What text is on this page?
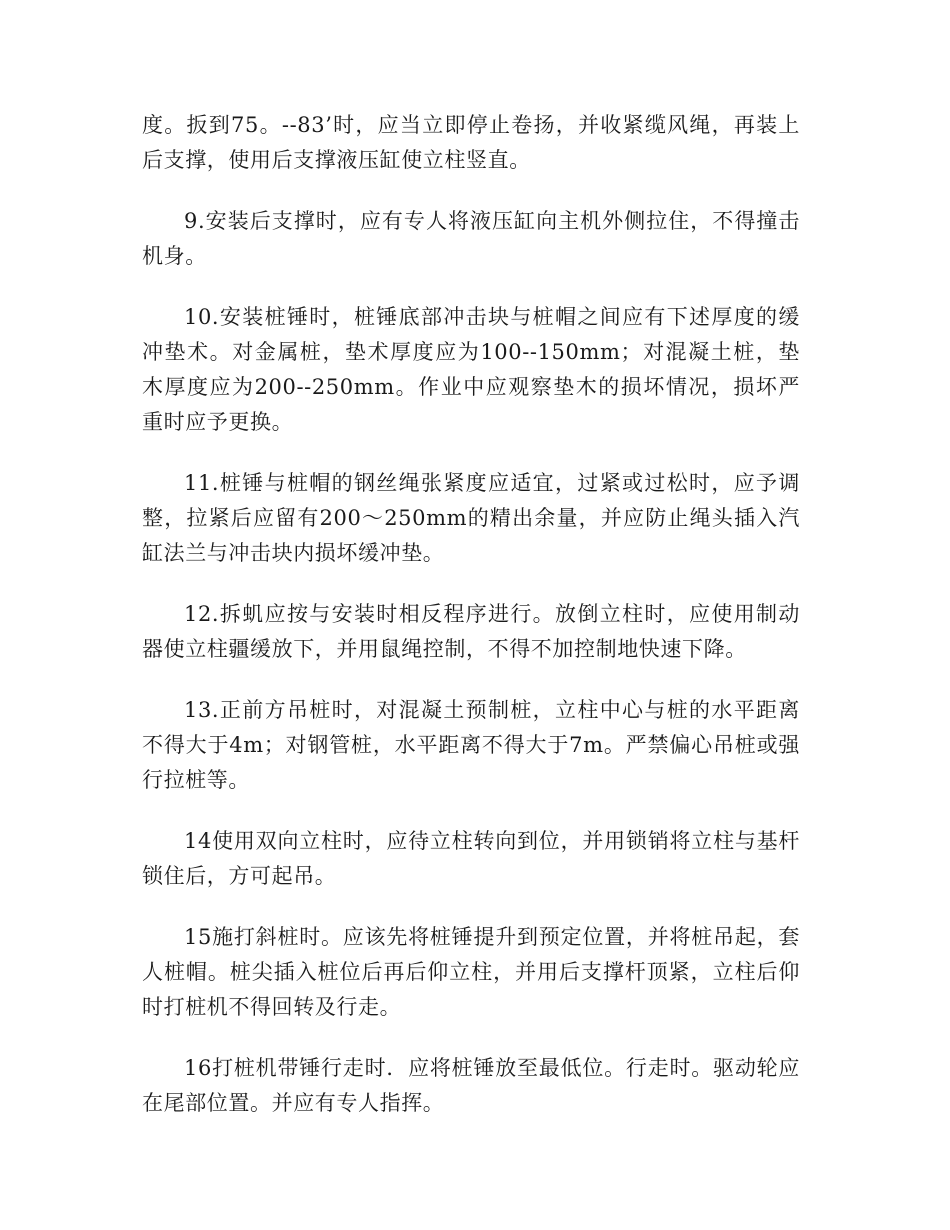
度。扳到75。--83’时，应当立即停止卷扬，并收紧缆风绳，再装上后支撑，使用后支撑液压缸使立柱竖直。

9.安装后支撑时，应有专人将液压缸向主机外侧拉住，不得撞击机身。

10.安装桩锤时，桩锤底部冲击块与桩帽之间应有下述厚度的缓冲垫术。对金属桩，垫术厚度应为100--150mm；对混凝土桩，垫木厚度应为200--250mm。作业中应观察垫木的损坏情况，损坏严重时应予更换。

11.桩锤与桩帽的钢丝绳张紧度应适宜，过紧或过松时，应予调整，拉紧后应留有200～250mm的精出余量，并应防止绳头插入汽缸法兰与冲击块内损坏缓冲垫。

12.拆虮应按与安装时相反程序进行。放倒立柱时，应使用制动器使立柱疆缓放下，并用鼠绳控制，不得不加控制地快速下降。

13.正前方吊桩时，对混凝土预制桩，立柱中心与桩的水平距离不得大于4m；对钢管桩，水平距离不得大于7m。严禁偏心吊桩或强行拉桩等。

14使用双向立柱时，应待立柱转向到位，并用锁销将立柱与基杆锁住后，方可起吊。

15施打斜桩时。应该先将桩锤提升到预定位置，并将桩吊起，套人桩帽。桩尖插入桩位后再后仰立柱，并用后支撑杆顶紧，立柱后仰时打桩机不得回转及行走。

16打桩机带锤行走时．应将桩锤放至最低位。行走时。驱动轮应在尾部位置。并应有专人指挥。
